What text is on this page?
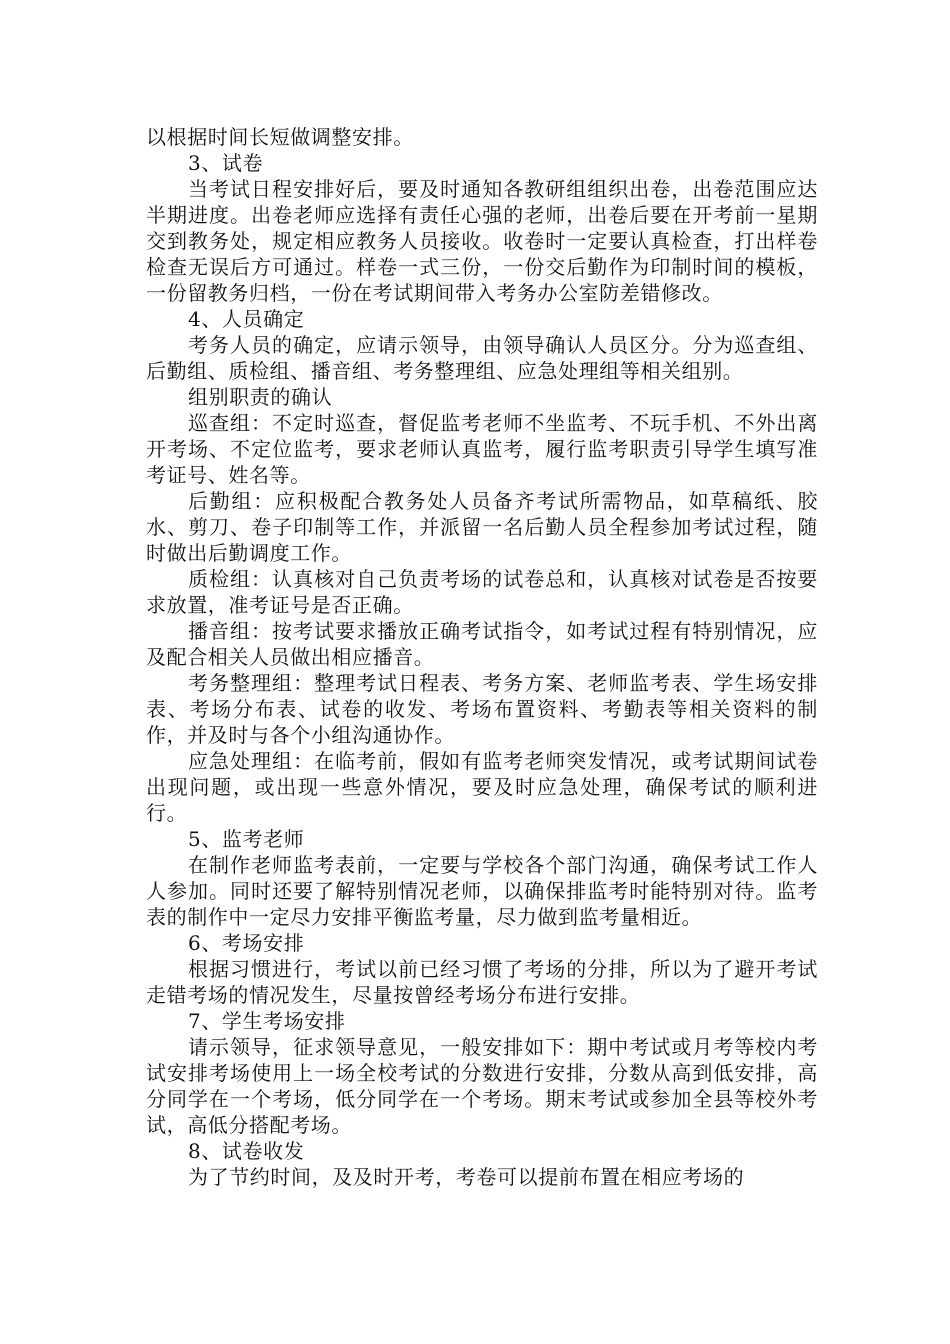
以根据时间长短做调整安排。

3、试卷

当考试日程安排好后，要及时通知各教研组组织出卷，出卷范围应达半期进度。出卷老师应选择有责任心强的老师，出卷后要在开考前一星期交到教务处，规定相应教务人员接收。收卷时一定要认真检查，打出样卷检查无误后方可通过。样卷一式三份，一份交后勤作为印制时间的模板，一份留教务归档，一份在考试期间带入考务办公室防差错修改。

4、人员确定

考务人员的确定，应请示领导，由领导确认人员区分。分为巡查组、后勤组、质检组、播音组、考务整理组、应急处理组等相关组别。

组别职责的确认

巡查组：不定时巡查，督促监考老师不坐监考、不玩手机、不外出离开考场、不定位监考，要求老师认真监考，履行监考职责引导学生填写准考证号、姓名等。

后勤组：应积极配合教务处人员备齐考试所需物品，如草稿纸、胶水、剪刀、卷子印制等工作，并派留一名后勤人员全程参加考试过程，随时做出后勤调度工作。

质检组：认真核对自己负责考场的试卷总和，认真核对试卷是否按要求放置，准考证号是否正确。

播音组：按考试要求播放正确考试指令，如考试过程有特别情况，应及配合相关人员做出相应播音。

考务整理组：整理考试日程表、考务方案、老师监考表、学生场安排表、考场分布表、试卷的收发、考场布置资料、考勤表等相关资料的制作，并及时与各个小组沟通协作。

应急处理组：在临考前，假如有监考老师突发情况，或考试期间试卷出现问题，或出现一些意外情况，要及时应急处理，确保考试的顺利进行。

5、监考老师

在制作老师监考表前，一定要与学校各个部门沟通，确保考试工作人人参加。同时还要了解特别情况老师，以确保排监考时能特别对待。监考表的制作中一定尽力安排平衡监考量，尽力做到监考量相近。

6、考场安排

根据习惯进行，考试以前已经习惯了考场的分排，所以为了避开考试走错考场的情况发生，尽量按曾经考场分布进行安排。

7、学生考场安排

请示领导，征求领导意见，一般安排如下：期中考试或月考等校内考试安排考场使用上一场全校考试的分数进行安排，分数从高到低安排，高分同学在一个考场，低分同学在一个考场。期末考试或参加全县等校外考试，高低分搭配考场。

8、试卷收发

为了节约时间，及及时开考，考卷可以提前布置在相应考场的
